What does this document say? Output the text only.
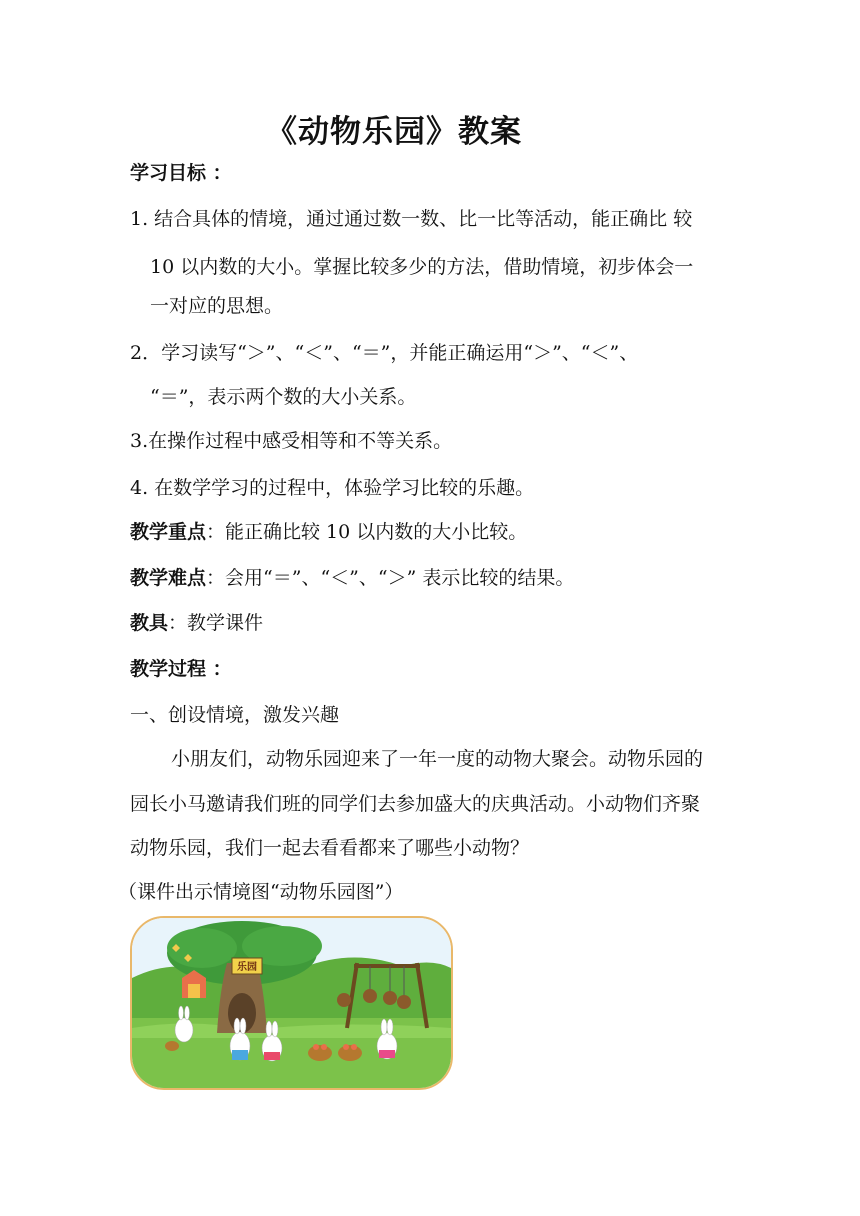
《动物乐园》教案
学习目标 ：
1. 结合具体的情境，通过通过数一数、比一比等活动，能正确比 较
10 以内数的大小。掌握比较多少的方法，借助情境，初步体会一
一对应的思想。
2．学习读写“＞”、“＜”、“＝”，并能正确运用“＞”、“＜”、
“＝”，表示两个数的大小关系。
3.在操作过程中感受相等和不等关系。
4. 在数学学习的过程中，体验学习比较的乐趣。
教学重点：能正确比较 10 以内数的大小比较。
教学难点：会用“＝”、“＜”、“＞” 表示比较的结果。
教具：教学课件
教学过程 ：
一、创设情境，激发兴趣
小朋友们，动物乐园迎来了一年一度的动物大聚会。动物乐园的
园长小马邀请我们班的同学们去参加盛大的庆典活动。小动物们齐聚
动物乐园，我们一起去看看都来了哪些小动物？
（课件出示情境图“动物乐园图”）
乐园
